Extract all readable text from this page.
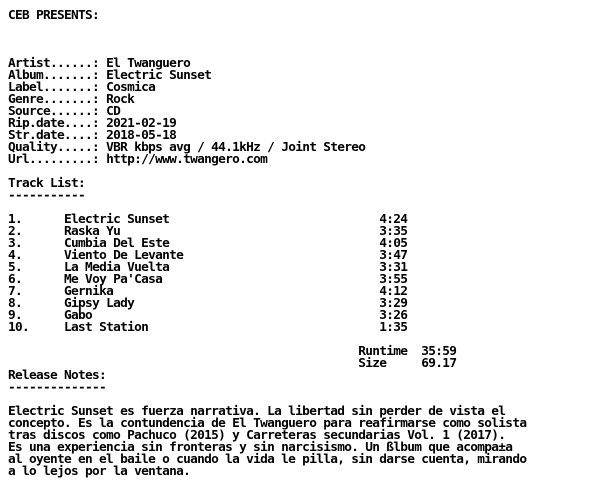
CEB PRESENTS:
Artist......: El Twanguero
Album.......: Electric Sunset
Label.......: Cosmica
Genre.......: Rock
Source......: CD
Rip.date....: 2021-02-19
Str.date....: 2018-05-18
Quality.....: VBR kbps avg / 44.1kHz / Joint Stereo
Url.........: http://www.twangero.com
Track List:
-----------
1.	Electric Sunset	4:24
2.	Raska Yu	3:35
3.	Cumbia Del Este	4:05
4.	Viento De Levante	3:47
5.	La Media Vuelta	3:31
6.	Me Voy Pa'Casa	3:55
7.	Gernika	4:12
8.	Gipsy Lady	3:29
9.	Gabo	3:26
10.	Last Station	1:35
Runtime 35:59
Size	69.17
Release Notes:
--------------
Electric Sunset es fuerza narrativa. La libertad sin perder de vista el
concepto. Es la contundencia de El Twanguero para reafirmarse como solista
tras discos como Pachuco (2015) y Carreteras secundarias Vol. 1 (2017).
Es una experiencia sin fronteras y sin narcisismo. Un ßlbum que acompa±a
al oyente en el baile o cuando la vida le pilla, sin darse cuenta, mirando
a lo lejos por la ventana.
